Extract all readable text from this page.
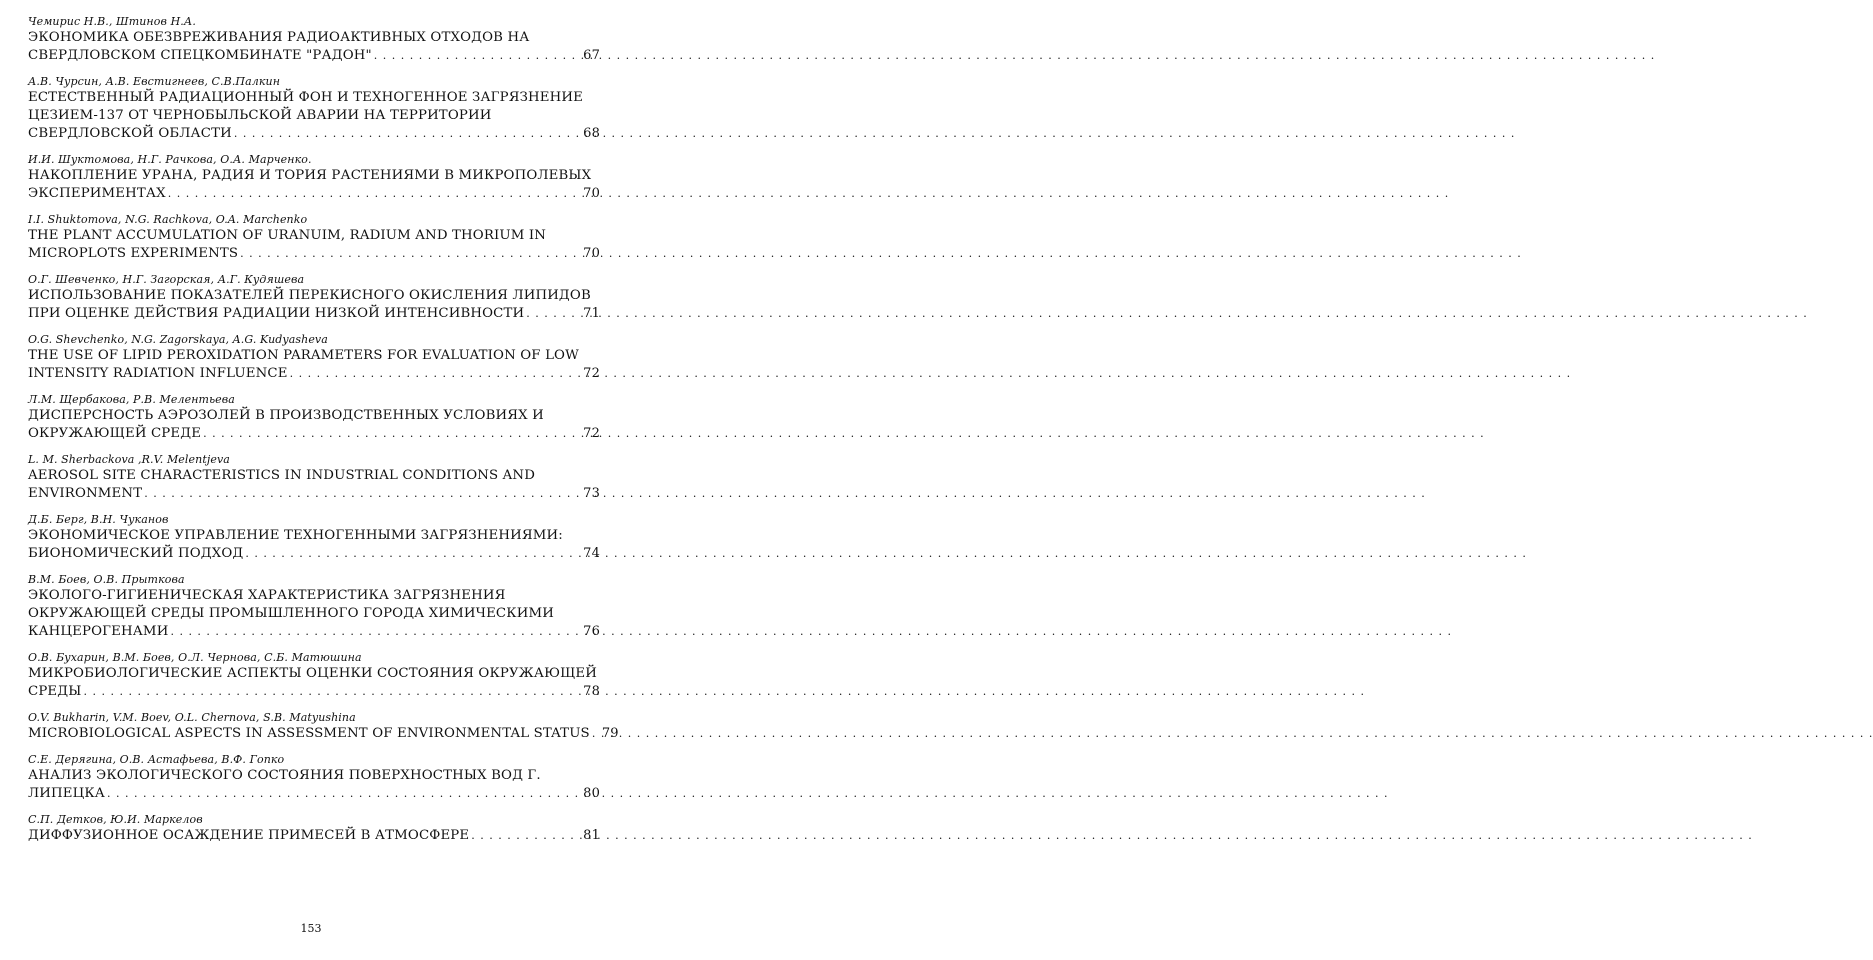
Чемирис Н.В., Штинов Н.А.
ЭКОНОМИКА ОБЕЗВРЕЖИВАНИЯ РАДИОАКТИВНЫХ ОТХОДОВ НА
СВЕРДЛОВСКОМ СПЕЦКОМБИНАТЕ "РАДОН" . . .	67
А.В. Чурсин, А.В. Евстигнеев, С.В.Палкин
ЕСТЕСТВЕННЫЙ РАДИАЦИОННЫЙ ФОН И ТЕХНОГЕННОЕ ЗАГРЯЗНЕНИЕ
ЦЕЗИЕМ-137 ОТ ЧЕРНОБЫЛЬСКОЙ АВАРИИ НА ТЕРРИТОРИИ
СВЕРДЛОВСКОЙ ОБЛАСТИ . . .	68
И.И. Шуктомова, Н.Г. Рачкова, О.А. Марченко.
НАКОПЛЕНИЕ УРАНА, РАДИЯ И ТОРИЯ РАСТЕНИЯМИ В МИКРОПОЛЕВЫХ
ЭКСПЕРИМЕНТАХ . . .	70
I.I. Shuktomova, N.G. Rachkova, O.A. Marchenko
THE PLANT ACCUMULATION OF URANUIM, RADIUM AND THORIUM IN
MICROPLOTS EXPERIMENTS . . .	70
О.Г. Шевченко, Н.Г. Загорская, А.Г. Кудяшева
ИСПОЛЬЗОВАНИЕ ПОКАЗАТЕЛЕЙ ПЕРЕКИСНОГО ОКИСЛЕНИЯ ЛИПИДОВ
ПРИ ОЦЕНКЕ ДЕЙСТВИЯ РАДИАЦИИ НИЗКОЙ ИНТЕНСИВНОСТИ . . .	71
O.G. Shevchenko, N.G. Zagorskaya, A.G. Kudyasheva
THE USE OF LIPID PEROXIDATION PARAMETERS FOR EVALUATION OF LOW
INTENSITY RADIATION INFLUENCE . . .	72
Л.М. Щербакова, Р.В. Мелентьева
ДИСПЕРСНОСТЬ АЭРОЗОЛЕЙ В ПРОИЗВОДСТВЕННЫХ УСЛОВИЯХ И
ОКРУЖАЮЩЕЙ СРЕДЕ . . .	72
L. M. Sherbackova ,R.V. Melentjeva
AEROSOL SITE CHARACTERISTICS IN INDUSTRIAL CONDITIONS AND
ENVIRONMENT . . .	73
Д.Б. Берг, В.Н. Чуканов
ЭКОНОМИЧЕСКОЕ УПРАВЛЕНИЕ ТЕХНОГЕННЫМИ ЗАГРЯЗНЕНИЯМИ:
БИОНОМИЧЕСКИЙ ПОДХОД . . .	74
В.М. Боев, О.В. Прыткова
ЭКОЛОГО-ГИГИЕНИЧЕСКАЯ ХАРАКТЕРИСТИКА ЗАГРЯЗНЕНИЯ
ОКРУЖАЮЩЕЙ СРЕДЫ ПРОМЫШЛЕННОГО ГОРОДА ХИМИЧЕСКИМИ
КАНЦЕРОГЕНАМИ . . .	76
О.В. Бухарин, В.М. Боев, О.Л. Чернова, С.Б. Матюшина
МИКРОБИОЛОГИЧЕСКИЕ АСПЕКТЫ ОЦЕНКИ СОСТОЯНИЯ ОКРУЖАЮЩЕЙ
СРЕДЫ . . .	78
O.V. Bukharin, V.M. Boev, O.L. Chernova, S.B. Matyushina
MICROBIOLOGICAL ASPECTS IN ASSESSMENT OF ENVIRONMENTAL STATUS . . . 79
С.Е. Дерягина, О.В. Астафьева, В.Ф. Гопко
АНАЛИЗ ЭКОЛОГИЧЕСКОГО СОСТОЯНИЯ ПОВЕРХНОСТНЫХ ВОД Г.
ЛИПЕЦКА . . .	80
С.П. Детков, Ю.И. Маркелов
ДИФФУЗИОННОЕ ОСАЖДЕНИЕ ПРИМЕСЕЙ В АТМОСФЕРЕ . . .	81
153
